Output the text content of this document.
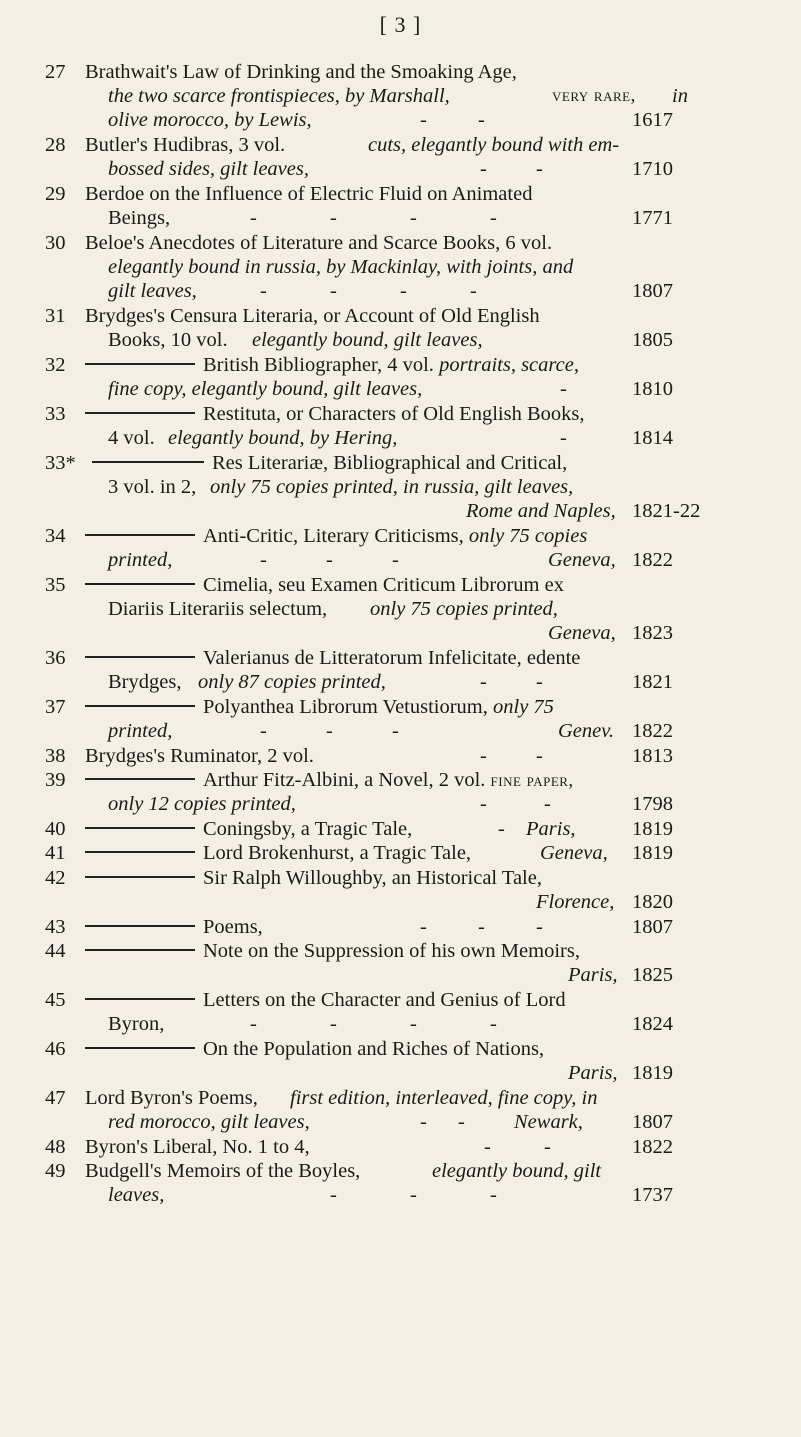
[ 3 ]
27 Brathwait's Law of Drinking and the Smoaking Age,
the two scarce frontispieces, by Marshall,	very rare, in
olive morocco, by Lewis,	- -	1617
28 Butler's Hudibras, 3 vol.	cuts, elegantly bound with em-
bossed sides, gilt leaves,	- -	1710
29 Berdoe on the Influence of Electric Fluid on Animated
Beings,	-	-	-	-	1771
30 Beloe's Anecdotes of Literature and Scarce Books, 6 vol.
elegantly bound in russia, by Mackinlay, with joints, and
gilt leaves,	-	-	-	-	1807
31 Brydges's Censura Literaria, or Account of Old English
Books, 10 vol. elegantly bound, gilt leaves,	1805
32	British Bibliographer, 4 vol. portraits, scarce,
fine copy, elegantly bound, gilt leaves,	-	1810
33	Restituta, or Characters of Old English Books,
4 vol. elegantly bound, by Hering,	-	1814
33*	Res Literariæ, Bibliographical and Critical,
3 vol. in 2, only 75 copies printed, in russia, gilt leaves,
Rome and Naples, 1821-22
34	Anti-Critic, Literary Criticisms, only 75 copies
printed,	-	-	-	Geneva, 1822
35	Cimelia, seu Examen Criticum Librorum ex
Diariis Literariis selectum, only 75 copies printed,
Geneva, 1823
36	Valerianus de Litteratorum Infelicitate, edente
Brydges, only 87 copies printed,	- -	1821
37	Polyanthea Librorum Vetustiorum, only 75
printed,	-	-	-	Genev. 1822
38 Brydges's Ruminator, 2 vol.	- -	1813
39	Arthur Fitz-Albini, a Novel, 2 vol. fine paper,
only 12 copies printed,	-	-	1798
40	Coningsby, a Tragic Tale,	- Paris,	1819
41	Lord Brokenhurst, a Tragic Tale,	Geneva, 1819
42	Sir Ralph Willoughby, an Historical Tale,
Florence, 1820
43	Poems,	- - -	1807
44	Note on the Suppression of his own Memoirs,
Paris, 1825
45	Letters on the Character and Genius of Lord
Byron,	-	-	-	-	1824
46	On the Population and Riches of Nations,
Paris, 1819
47 Lord Byron's Poems, first edition, interleaved, fine copy, in
red morocco, gilt leaves,	- - Newark, 1807
48 Byron's Liberal, No. 1 to 4,	-	-	1822
49 Budgell's Memoirs of the Boyles,	elegantly bound, gilt
leaves,	-	-	-	1737
